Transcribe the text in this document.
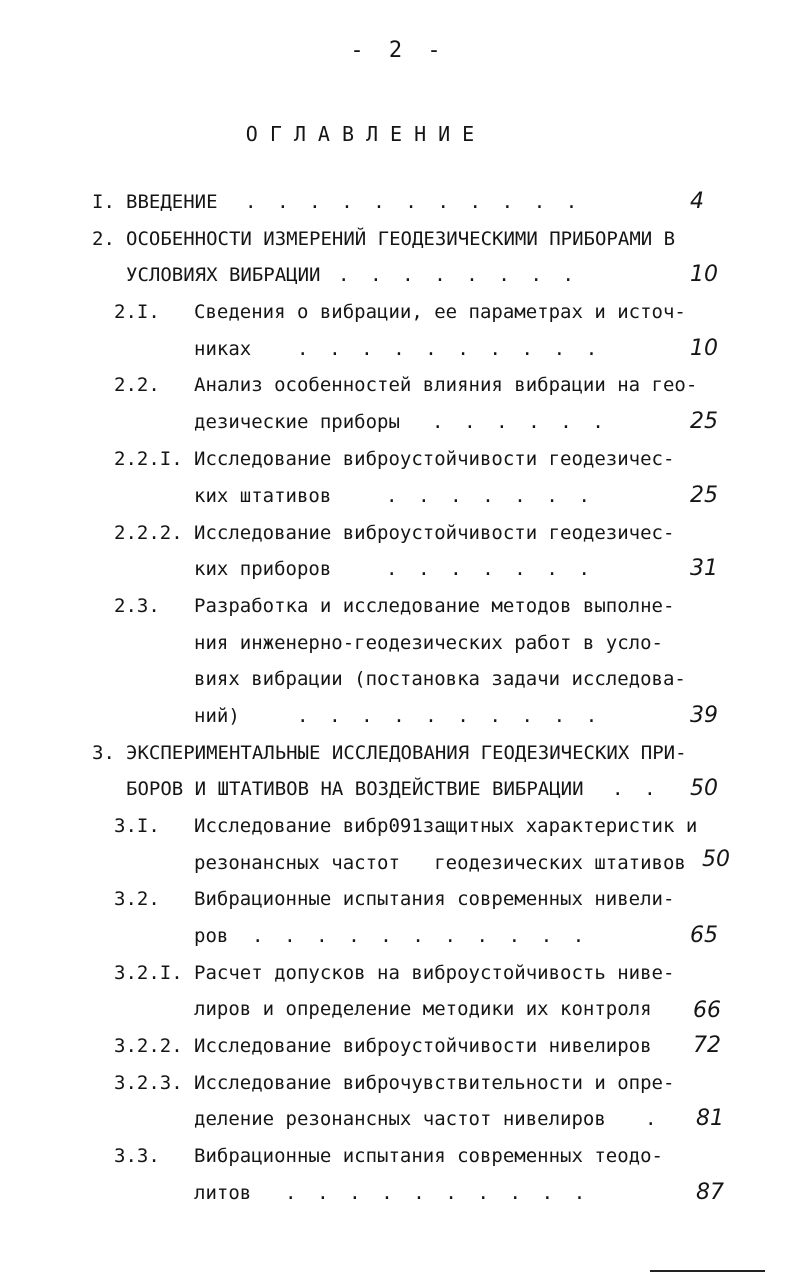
- 2 -
ОГЛАВЛЕНИЕ
I. ВВЕДЕНИЕ . . . . . . . . . . .	4
2. ОСОБЕННОСТИ ИЗМЕРЕНИЙ ГЕОДЕЗИЧЕСКИМИ ПРИБОРАМИ В
УСЛОВИЯХ ВИБРАЦИИ . . . . . . . .	10
2.I. Сведения о вибрации, ее параметрах и источ-
никах . . . . . . . . . .	10
2.2. Анализ особенностей влияния вибрации на гео-
дезические приборы . . . . . .	25
2.2.I. Исследование виброустойчивости геодезичес-
ких штативов	. . . . . . .	25
2.2.2. Исследование виброустойчивости геодезичес-
ких приборов	. . . . . . .	31
2.3. Разработка и исследование методов выполне-
ния инженерно-геодезических работ в усло-
виях вибрации (постановка задачи исследова-
ний)	. . . . . . . . . .	39
3. ЭКСПЕРИМЕНТАЛЬНЫЕ ИССЛЕДОВАНИЯ ГЕОДЕЗИЧЕСКИХ ПРИ-
БОРОВ И ШТАТИВОВ НА ВОЗДЕЙСТВИЕ ВИБРАЦИИ . . 50
3.I. Исследование вибр091защитных характеристик и
резонансных частот   геодезических штативов 50
3.2. Вибрационные испытания современных нивели-
ров . . . . . . . . . . .	65
3.2.I. Расчет допусков на виброустойчивость ниве-
лиров и определение методики их контроля 66
3.2.2. Исследование виброустойчивости нивелиров 72
3.2.3. Исследование виброчувствительности и опре-
деление резонансных частот нивелиров . 81
3.3. Вибрационные испытания современных теодо-
литов . . . . . . . . . .	87
